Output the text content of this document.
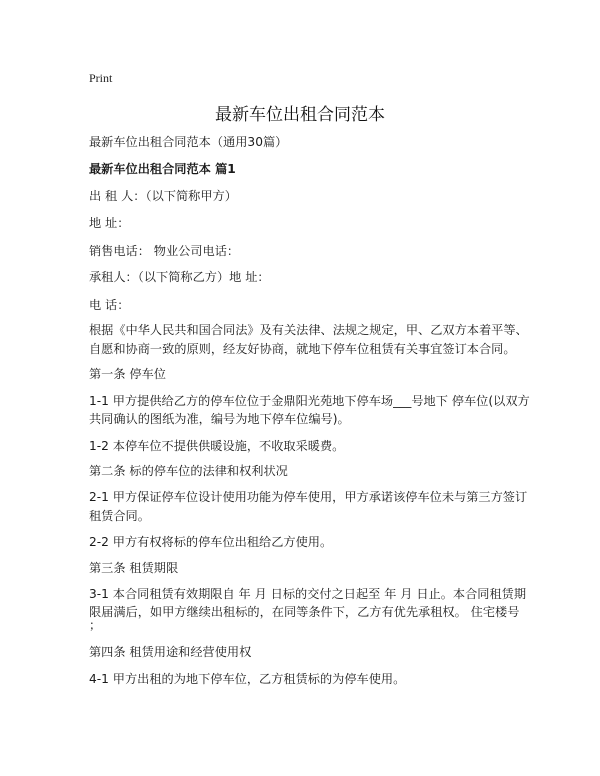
Print
最新车位出租合同范本
最新车位出租合同范本（通用30篇）
最新车位出租合同范本 篇1
出 租 人：（以下简称甲方）
地 址：
销售电话： 物业公司电话：
承租人：（以下简称乙方）地 址：
电 话：
根据《中华人民共和国合同法》及有关法律、法规之规定，甲、乙双方本着平等、
自愿和协商一致的原则，经友好协商，就地下停车位租赁有关事宜签订本合同。
第一条 停车位
1-1 甲方提供给乙方的停车位位于金鼎阳光苑地下停车场___号地下 停车位(以双方
共同确认的图纸为准，编号为地下停车位编号)。
1-2 本停车位不提供供暖设施，不收取采暖费。
第二条 标的停车位的法律和权利状况
2-1 甲方保证停车位设计使用功能为停车使用，甲方承诺该停车位未与第三方签订
租赁合同。
2-2 甲方有权将标的停车位出租给乙方使用。
第三条 租赁期限
3-1 本合同租赁有效期限自 年 月 日标的交付之日起至 年 月 日止。本合同租赁期
限届满后，如甲方继续出租标的，在同等条件下，乙方有优先承租权。 住宅楼号
；
第四条 租赁用途和经营使用权
4-1 甲方出租的为地下停车位，乙方租赁标的为停车使用。
